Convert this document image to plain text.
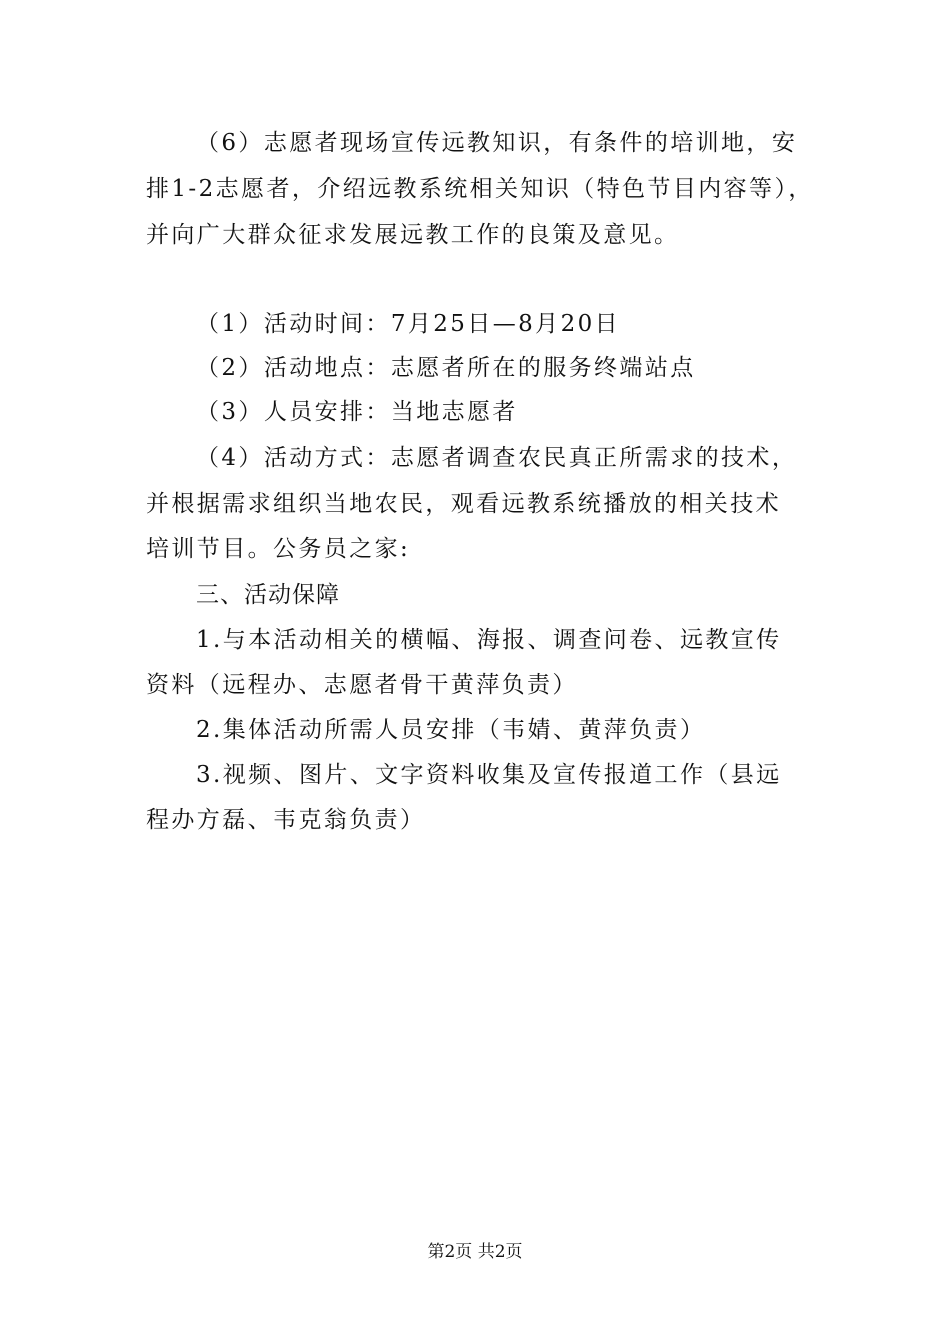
（6）志愿者现场宣传远教知识，有条件的培训地，安
排1-2志愿者，介绍远教系统相关知识（特色节目内容等），
并向广大群众征求发展远教工作的良策及意见。
（1）活动时间：7月25日—8月20日
（2）活动地点：志愿者所在的服务终端站点
（3）人员安排：当地志愿者
（4）活动方式：志愿者调查农民真正所需求的技术，
并根据需求组织当地农民，观看远教系统播放的相关技术
培训节目。公务员之家:
三、活动保障
1.与本活动相关的横幅、海报、调查问卷、远教宣传
资料（远程办、志愿者骨干黄萍负责）
2.集体活动所需人员安排（韦婧、黄萍负责）
3.视频、图片、文字资料收集及宣传报道工作（县远
程办方磊、韦克翁负责）
第2页 共2页
